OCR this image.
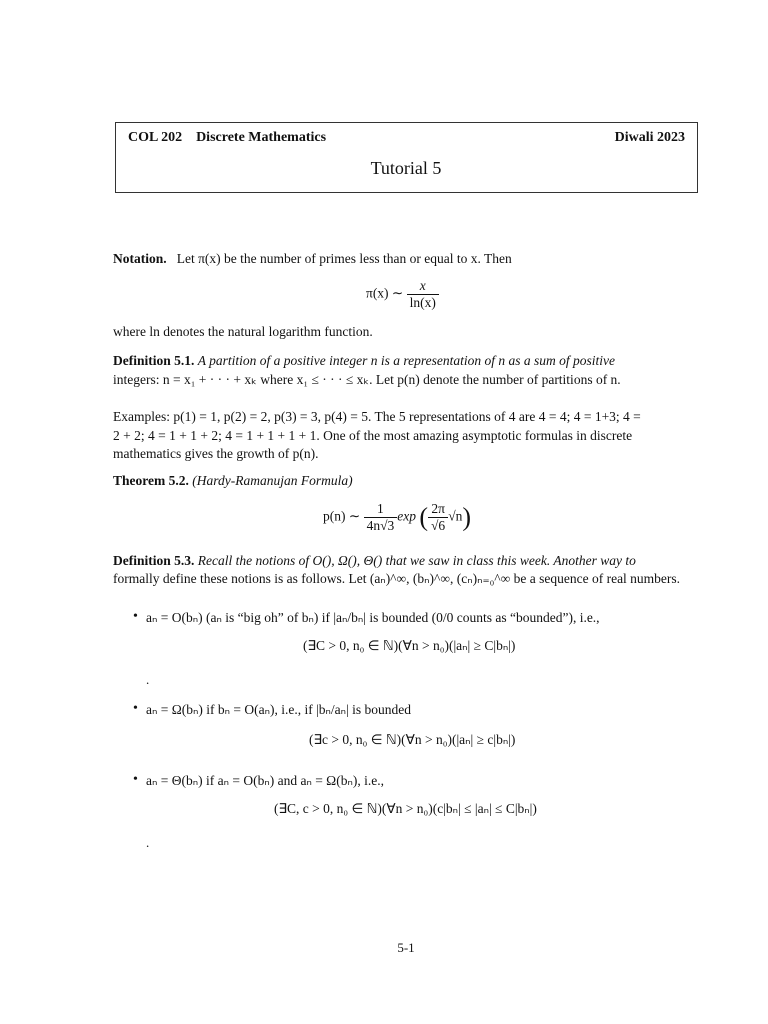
COL 202    Discrete Mathematics	Diwali 2023
Tutorial 5

Notation. Let π(x) be the number of primes less than or equal to x. Then

π(x) ∼ $\frac{x}{\ln(x)}$

where ln denotes the natural logarithm function.

Definition 5.1. A partition of a positive integer n is a representation of n as a sum of positive

integers: n = x₁ + · · · + xₖ where x₁ ≤ · · · ≤ xₖ. Let p(n) denote the number of partitions of n.

Examples: p(1) = 1, p(2) = 2, p(3) = 3, p(4) = 5. The 5 representations of 4 are 4 = 4; 4 = 1+3; 4 =

2 + 2; 4 = 1 + 1 + 2; 4 = 1 + 1 + 1 + 1. One of the most amazing asymptotic formulas in discrete

mathematics gives the growth of p(n).

Theorem 5.2. (Hardy-Ramanujan Formula)

p(n) ∼ $\frac{1}{4n√3}$ exp ( $\frac{2\pi}{√6} √n$)

Definition 5.3. Recall the notions of O(), Ω(), Θ() that we saw in class this week. Another way to

formally define these notions is as follows. Let (aₙ)^∞, (bₙ)^∞, (cₙ)ₙ₌₀^∞ be a sequence of real numbers.

• aₙ = O(bₙ) (aₙ is “big oh” of bₙ) if |aₙ/bₙ| is bounded (0/0 counts as “bounded”), i.e.,

(∃C > 0, n₀ ∈ ℕ)(∀n > n₀)(|aₙ| ≥ C|bₙ|)
.
• aₙ = Ω(bₙ) if bₙ = O(aₙ), i.e., if |bₙ/aₙ| is bounded

(∃c > 0, n₀ ∈ ℕ)(∀n > n₀)(|aₙ| ≥ c|bₙ|)
• aₙ = Θ(bₙ) if aₙ = O(bₙ) and aₙ = Ω(bₙ), i.e.,

(∃C, c > 0, n₀ ∈ ℕ)(∀n > n₀)(c|bₙ| ≤ |aₙ| ≤ C|bₙ|)
.
5-1
